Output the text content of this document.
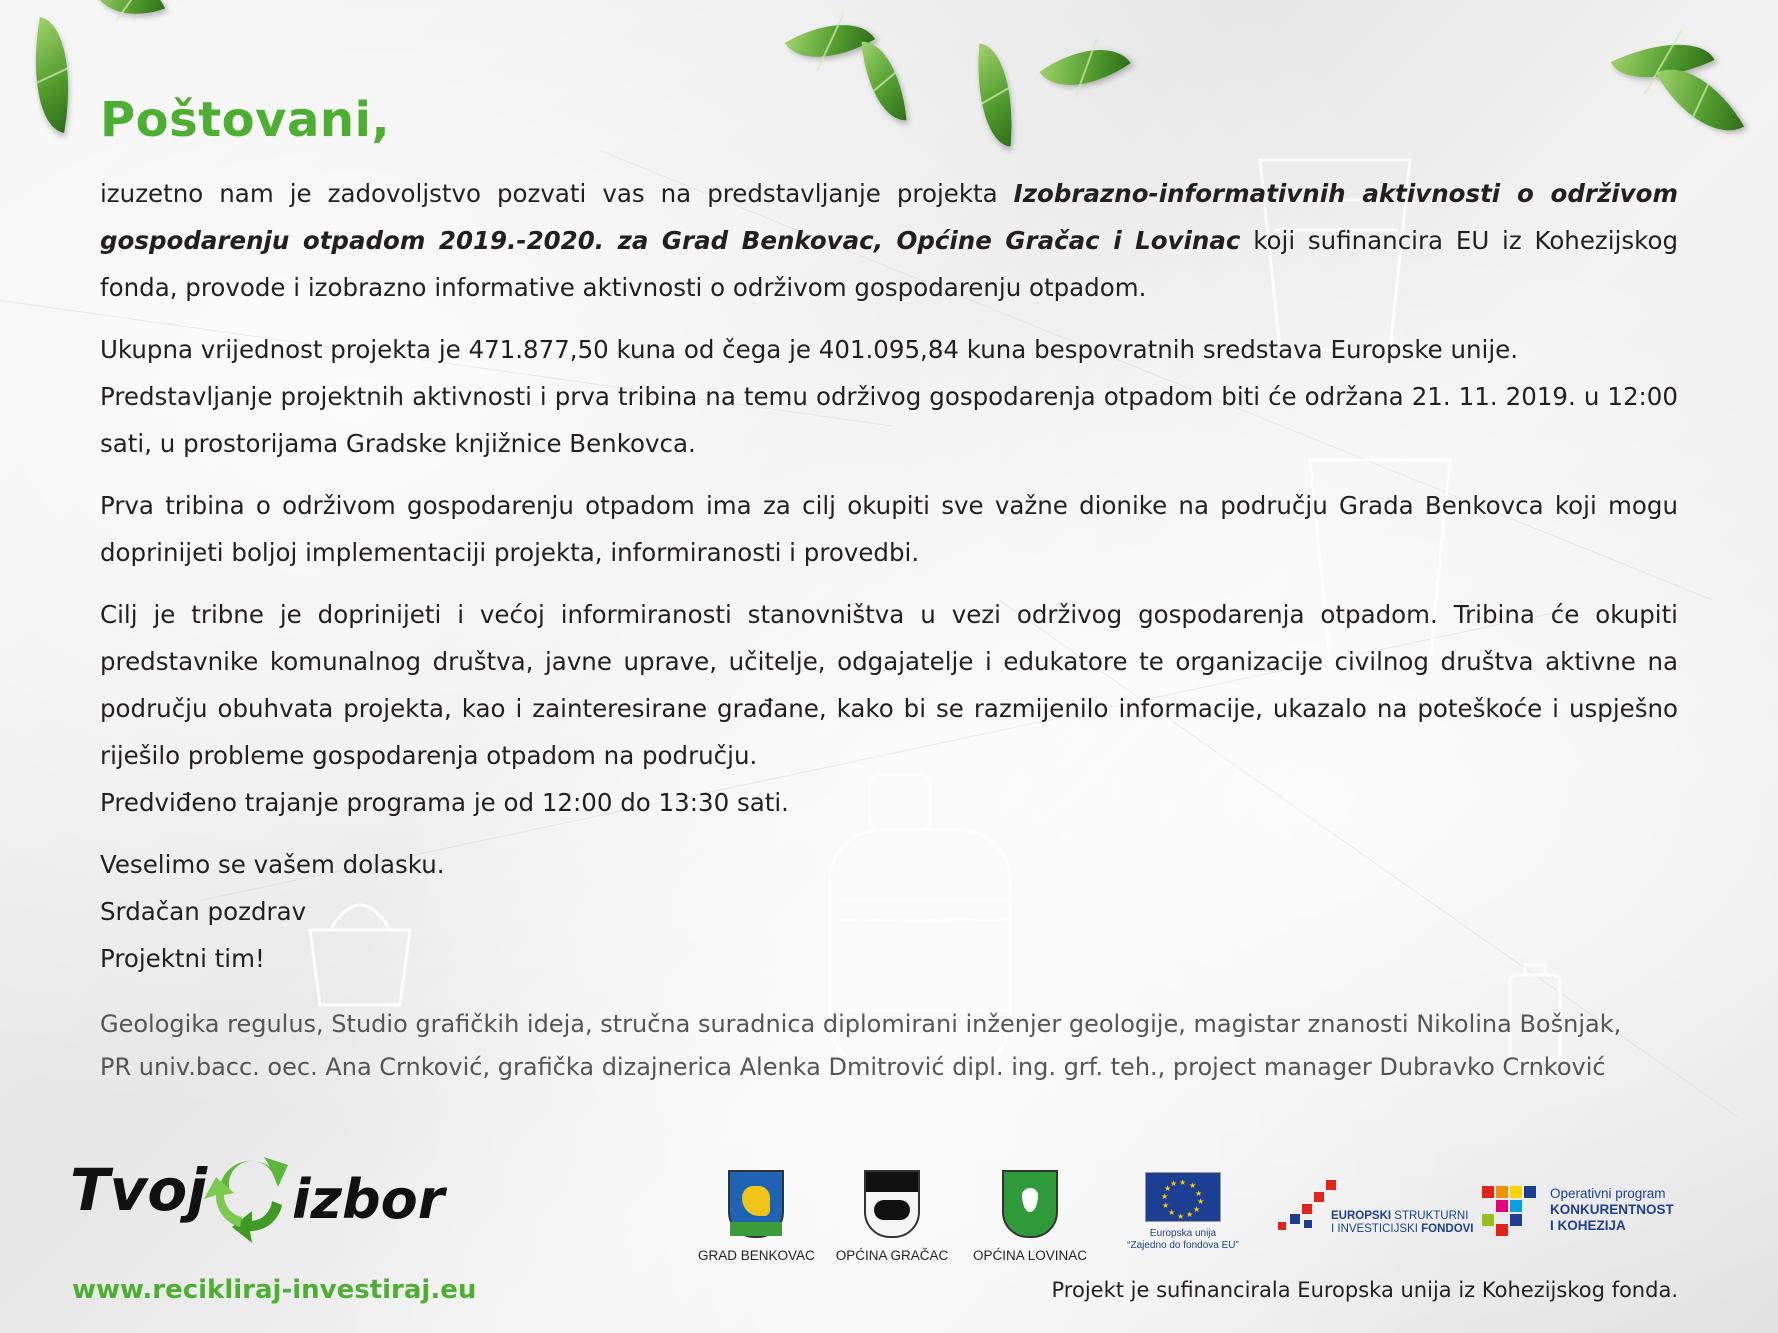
Poštovani,

izuzetno nam je zadovoljstvo pozvati vas na predstavljanje projekta Izobrazno-informativnih aktivnosti o održivom gospodarenju otpadom 2019.-2020. za Grad Benkovac, Općine Gračac i Lovinac koji sufinancira EU iz Kohezijskog fonda, provode i izobrazno informative aktivnosti o održivom gospodarenju otpadom.

Ukupna vrijednost projekta je 471.877,50 kuna od čega je 401.095,84 kuna bespovratnih sredstava Europske unije.

Predstavljanje projektnih aktivnosti i prva tribina na temu održivog gospodarenja otpadom biti će održana 21. 11. 2019. u 12:00 sati, u prostorijama Gradske knjižnice Benkovca.

Prva tribina o održivom gospodarenju otpadom ima za cilj okupiti sve važne dionike na području Grada Benkovca koji mogu doprinijeti boljoj implementaciji projekta, informiranosti i provedbi.

Cilj je tribne je doprinijeti i većoj informiranosti stanovništva u vezi održivog gospodarenja otpadom. Tribina će okupiti predstavnike komunalnog društva, javne uprave, učitelje, odgajatelje i edukatore te organizacije civilnog društva aktivne na području obuhvata projekta, kao i zainteresirane građane, kako bi se razmijenilo informacije, ukazalo na poteškoće i uspješno riješilo probleme gospodarenja otpadom na području.

Predviđeno trajanje programa je od 12:00 do 13:30 sati.

Veselimo se vašem dolasku.

Srdačan pozdrav

Projektni tim!

Geologika regulus, Studio grafičkih ideja, stručna suradnica diplomirani inženjer geologije, magistar znanosti Nikolina Bošnjak,

PR univ.bacc. oec. Ana Crnković, grafička dizajnerica Alenka Dmitrović dipl. ing. grf. teh., project manager Dubravko Crnković

Tvoj izbor
www.recikliraj-investiraj.eu
GRAD BENKOVAC OPĆINA GRAČAC	OPĆINA LOVINAC
★ ★
★
★
★
★
★
★
★
★
★
★
Europska unija
“Zajedno do fondova EU”
EUROPSKI STRUKTURNI
I INVESTICIJSKI FONDOVI
Operativni program
KONKURENTNOST
I KOHEZIJA
Projekt je sufinancirala Europska unija iz Kohezijskog fonda.
